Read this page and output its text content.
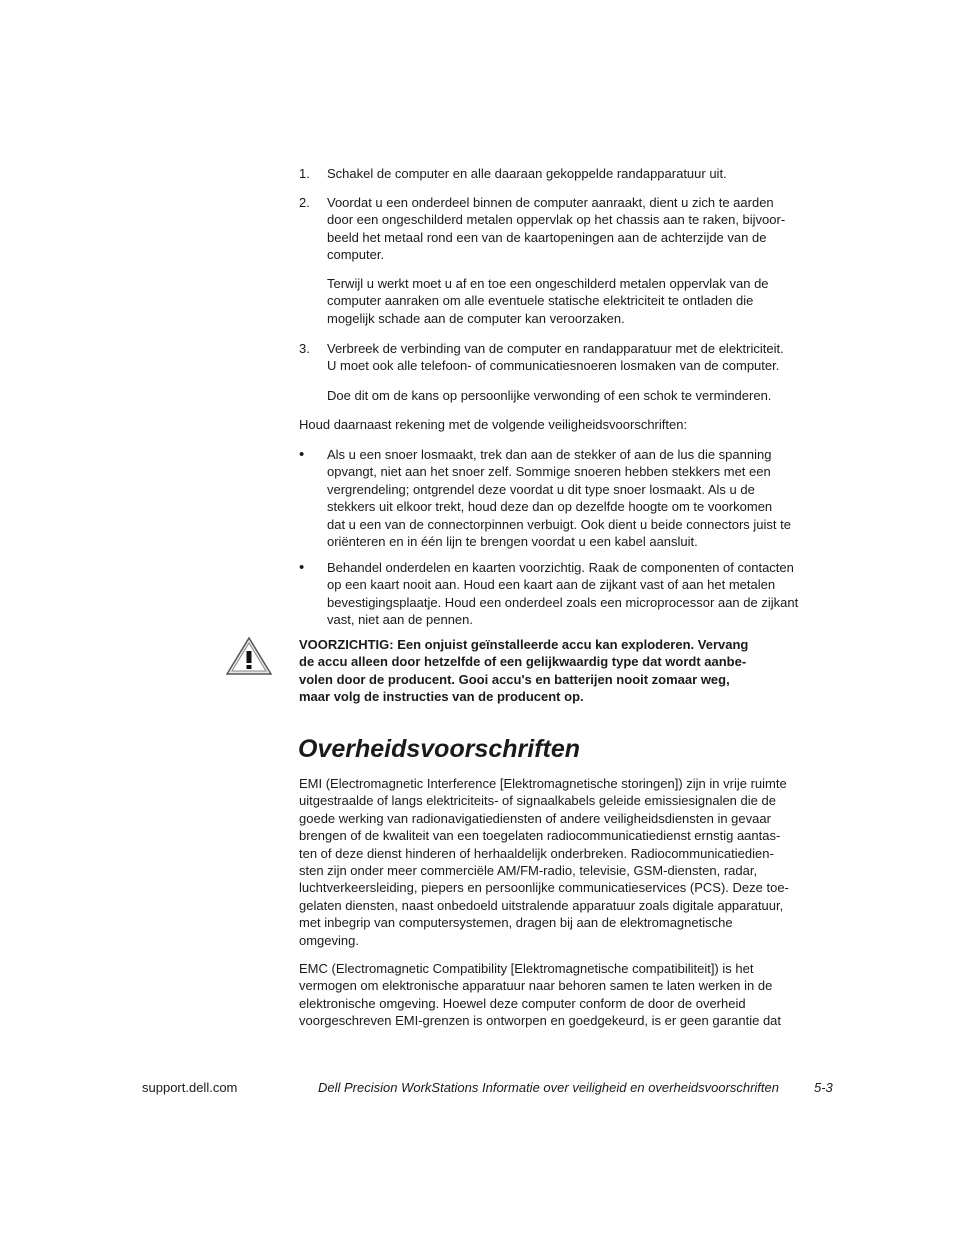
1. Schakel de computer en alle daaraan gekoppelde randapparatuur uit.
2. Voordat u een onderdeel binnen de computer aanraakt, dient u zich te aarden
door een ongeschilderd metalen oppervlak op het chassis aan te raken, bijvoor-
beeld het metaal rond een van de kaartopeningen aan de achterzijde van de
computer.
Terwijl u werkt moet u af en toe een ongeschilderd metalen oppervlak van de
computer aanraken om alle eventuele statische elektriciteit te ontladen die
mogelijk schade aan de computer kan veroorzaken.
3. Verbreek de verbinding van de computer en randapparatuur met de elektriciteit.
U moet ook alle telefoon- of communicatiesnoeren losmaken van de computer.
Doe dit om de kans op persoonlijke verwonding of een schok te verminderen.
Houd daarnaast rekening met de volgende veiligheidsvoorschriften:
• Als u een snoer losmaakt, trek dan aan de stekker of aan de lus die spanning
opvangt, niet aan het snoer zelf. Sommige snoeren hebben stekkers met een
vergrendeling; ontgrendel deze voordat u dit type snoer losmaakt. Als u de
stekkers uit elkoor trekt, houd deze dan op dezelfde hoogte om te voorkomen
dat u een van de connectorpinnen verbuigt. Ook dient u beide connectors juist te
oriënteren en in één lijn te brengen voordat u een kabel aansluit.
• Behandel onderdelen en kaarten voorzichtig. Raak de componenten of contacten
op een kaart nooit aan. Houd een kaart aan de zijkant vast of aan het metalen
bevestigingsplaatje. Houd een onderdeel zoals een microprocessor aan de zijkant
vast, niet aan de pennen.
VOORZICHTIG: Een onjuist geïnstalleerde accu kan exploderen. Vervang
de accu alleen door hetzelfde of een gelijkwaardig type dat wordt aanbe-
volen door de producent. Gooi accu's en batterijen nooit zomaar weg,
maar volg de instructies van de producent op.
Overheidsvoorschriften
EMI (Electromagnetic Interference [Elektromagnetische storingen]) zijn in vrije ruimte
uitgestraalde of langs elektriciteits- of signaalkabels geleide emissiesignalen die de
goede werking van radionavigatiediensten of andere veiligheidsdiensten in gevaar
brengen of de kwaliteit van een toegelaten radiocommunicatiedienst ernstig aantas-
ten of deze dienst hinderen of herhaaldelijk onderbreken. Radiocommunicatiedien-
sten zijn onder meer commerciële AM/FM-radio, televisie, GSM-diensten, radar,
luchtverkeersleiding, piepers en persoonlijke communicatieservices (PCS). Deze toe-
gelaten diensten, naast onbedoeld uitstralende apparatuur zoals digitale apparatuur,
met inbegrip van computersystemen, dragen bij aan de elektromagnetische
omgeving.
EMC (Electromagnetic Compatibility [Elektromagnetische compatibiliteit]) is het
vermogen om elektronische apparatuur naar behoren samen te laten werken in de
elektronische omgeving. Hoewel deze computer conform de door de overheid
voorgeschreven EMI-grenzen is ontworpen en goedgekeurd, is er geen garantie dat
support.dell.com	Dell Precision WorkStations Informatie over veiligheid en overheidsvoorschriften	5-3
